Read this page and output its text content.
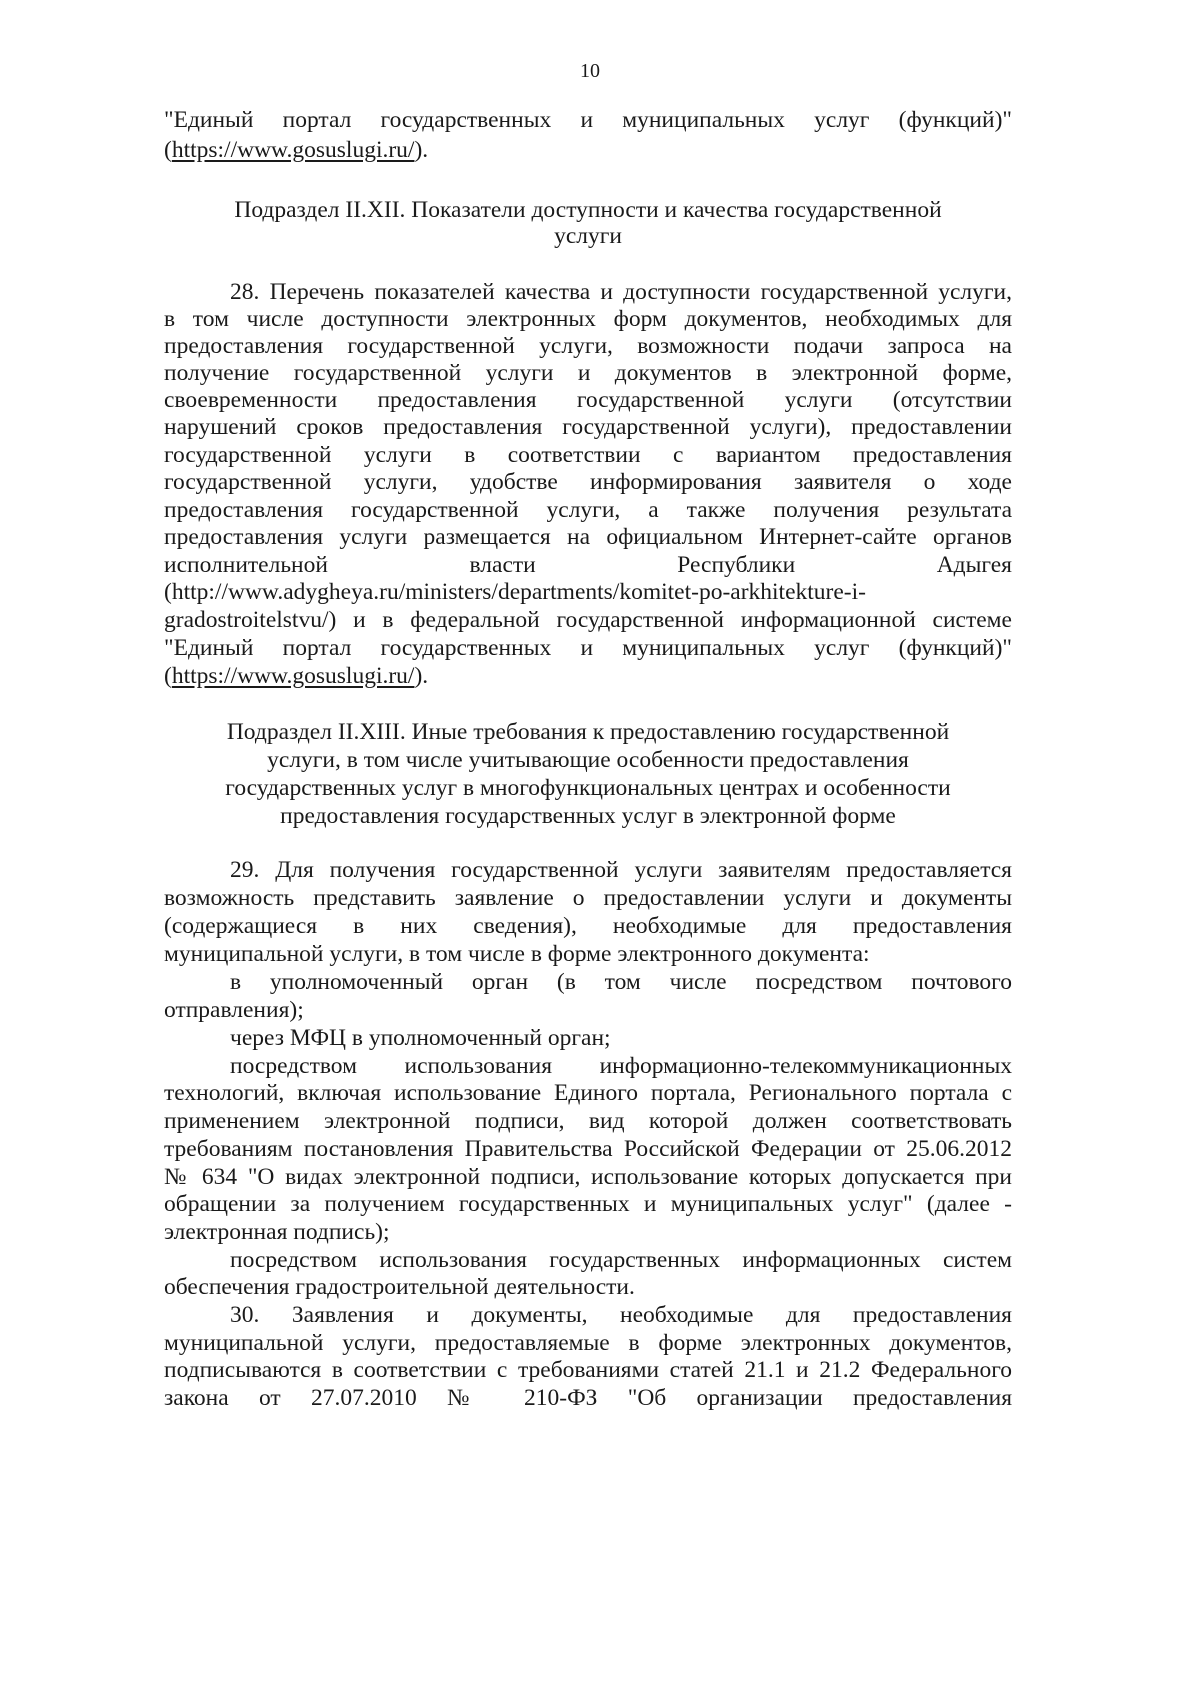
10
"Единый портал государственных и муниципальных услуг (функций)"
(https://www.gosuslugi.ru/).
Подраздел II.XII. Показатели доступности и качества государственной
услуги
28. Перечень показателей качества и доступности государственной услуги,
в том числе доступности электронных форм документов, необходимых для
предоставления государственной услуги, возможности подачи запроса на
получение государственной услуги и документов в электронной форме,
своевременности предоставления государственной услуги (отсутствии
нарушений сроков предоставления государственной услуги), предоставлении
государственной услуги в соответствии с вариантом предоставления
государственной услуги, удобстве информирования заявителя о ходе
предоставления государственной услуги, а также получения результата
предоставления услуги размещается на официальном Интернет-сайте органов
исполнительной власти Республики Адыгея
(http://www.adygheya.ru/ministers/departments/komitet-po-arkhitekture-i-
gradostroitelstvu/) и в федеральной государственной информационной системе
"Единый портал государственных и муниципальных услуг (функций)"
(https://www.gosuslugi.ru/).
Подраздел II.XIII. Иные требования к предоставлению государственной
услуги, в том числе учитывающие особенности предоставления
государственных услуг в многофункциональных центрах и особенности
предоставления государственных услуг в электронной форме
29. Для получения государственной услуги заявителям предоставляется
возможность представить заявление о предоставлении услуги и документы
(содержащиеся в них сведения), необходимые для предоставления
муниципальной услуги, в том числе в форме электронного документа:
в уполномоченный орган (в том числе посредством почтового
отправления);
через МФЦ в уполномоченный орган;
посредством использования информационно-телекоммуникационных
технологий, включая использование Единого портала, Регионального портала с
применением электронной подписи, вид которой должен соответствовать
требованиям постановления Правительства Российской Федерации от 25.06.2012
№ 634 "О видах электронной подписи, использование которых допускается при
обращении за получением государственных и муниципальных услуг" (далее -
электронная подпись);
посредством использования государственных информационных систем
обеспечения градостроительной деятельности.
30. Заявления и документы, необходимые для предоставления
муниципальной услуги, предоставляемые в форме электронных документов,
подписываются в соответствии с требованиями статей 21.1 и 21.2 Федерального
закона от 27.07.2010 № 210-ФЗ "Об организации предоставления
